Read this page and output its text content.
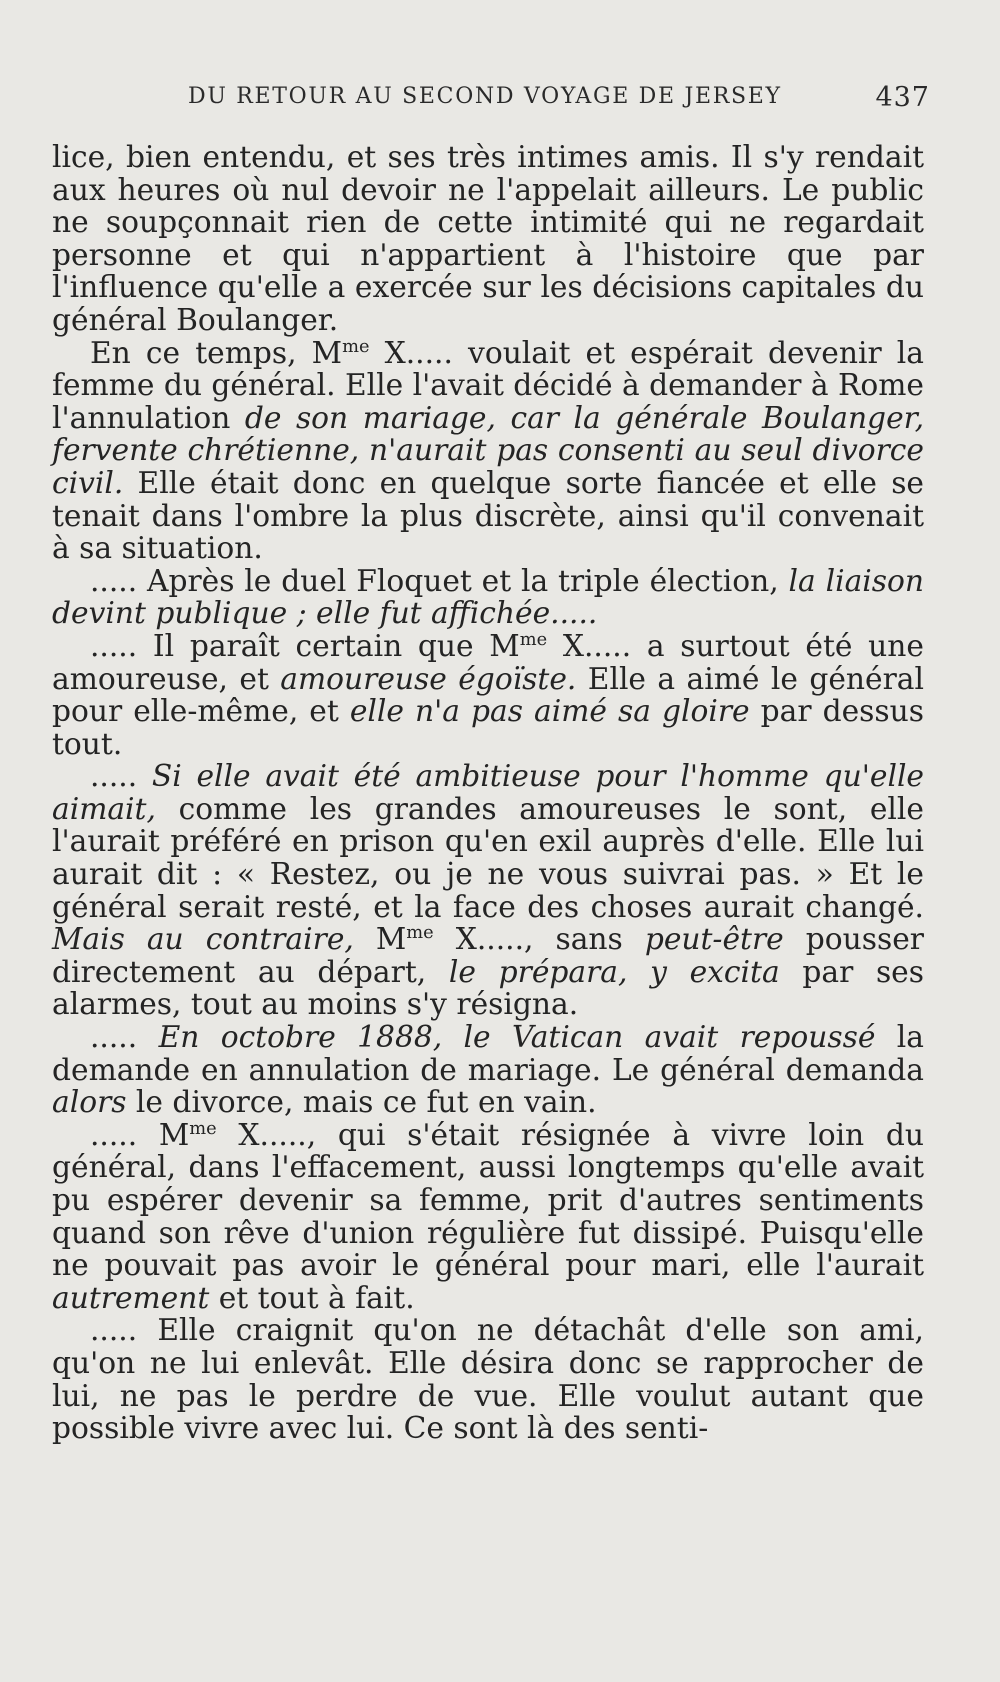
DU RETOUR AU SECOND VOYAGE DE JERSEY	437

lice, bien entendu, et ses très intimes amis. Il s'y rendait aux heures où nul devoir ne l'appelait ailleurs. Le public ne soupçonnait rien de cette intimité qui ne regardait personne et qui n'appartient à l'histoire que par l'influence qu'elle a exercée sur les décisions capitales du général Boulanger.

En ce temps, $M^{me}$ X..... voulait et espérait devenir la femme du général. Elle l'avait décidé à demander à Rome l'annulation de son mariage, car la générale Boulanger, fervente chrétienne, n'aurait pas consenti au seul divorce civil. Elle était donc en quelque sorte fiancée et elle se tenait dans l'ombre la plus discrète, ainsi qu'il convenait à sa situation.

..... Après le duel Floquet et la triple élection, la liaison devint publique ; elle fut affichée.....

..... Il paraît certain que $M^{me}$ X..... a surtout été une amoureuse, et amoureuse égoïste. Elle a aimé le général pour elle-même, et elle n'a pas aimé sa gloire par dessus tout.

..... Si elle avait été ambitieuse pour l'homme qu'elle aimait, comme les grandes amoureuses le sont, elle l'aurait préféré en prison qu'en exil auprès d'elle. Elle lui aurait dit : « Restez, ou je ne vous suivrai pas. » Et le général serait resté, et la face des choses aurait changé. Mais au contraire, $M^{me}$ X....., sans peut-être pousser directement au départ, le prépara, y excita par ses alarmes, tout au moins s'y résigna.

..... En octobre 1888, le Vatican avait repoussé la demande en annulation de mariage. Le général demanda alors le divorce, mais ce fut en vain.

..... $M^{me}$ X....., qui s'était résignée à vivre loin du général, dans l'effacement, aussi longtemps qu'elle avait pu espérer devenir sa femme, prit d'autres sentiments quand son rêve d'union régulière fut dissipé. Puisqu'elle ne pouvait pas avoir le général pour mari, elle l'aurait autrement et tout à fait.

..... Elle craignit qu'on ne détachât d'elle son ami, qu'on ne lui enlevât. Elle désira donc se rapprocher de lui, ne pas le perdre de vue. Elle voulut autant que possible vivre avec lui. Ce sont là des senti-
